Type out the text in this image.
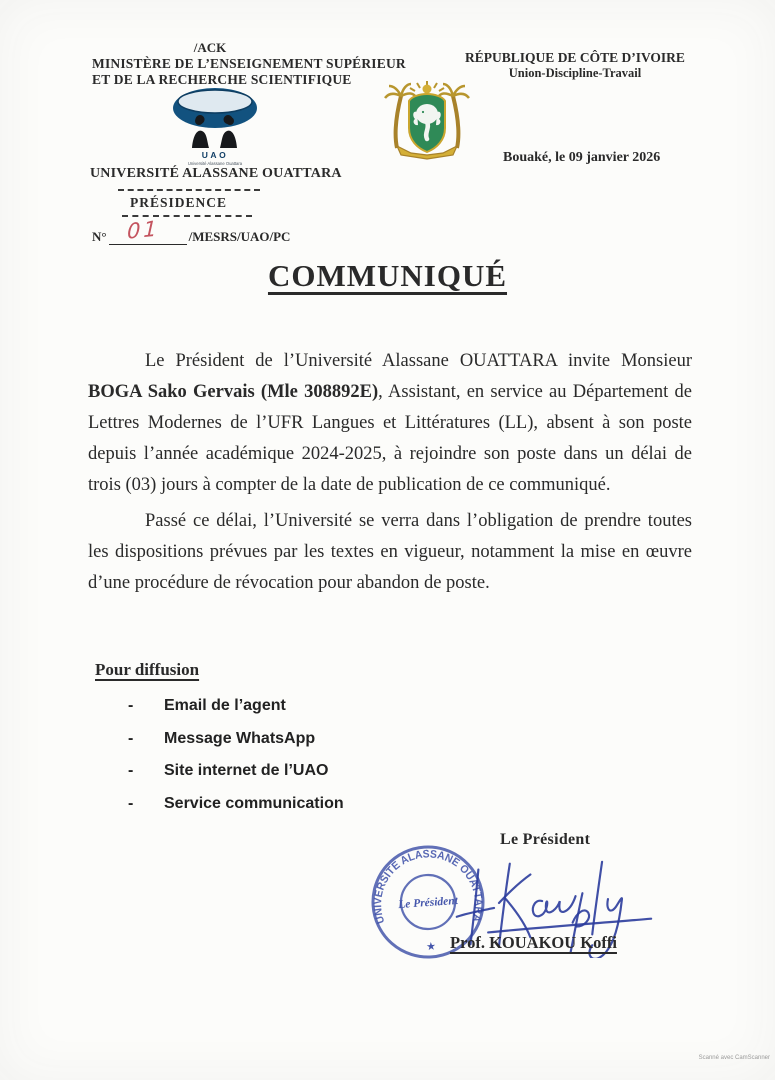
/ACK
MINISTÈRE DE L’ENSEIGNEMENT SUPÉRIEUR
ET DE LA RECHERCHE SCIENTIFIQUE
UAO
Université Alassane Ouattara
UNIVERSITÉ ALASSANE OUATTARA
PRÉSIDENCE
N° 01 /MESRS/UAO/PC
RÉPUBLIQUE DE CÔTE D’IVOIRE
Union-Discipline-Travail
Bouaké, le 09 janvier 2026
COMMUNIQUÉ

Le Président de l’Université Alassane OUATTARA invite Monsieur BOGA Sako Gervais (Mle 308892E), Assistant, en service au Département de Lettres Modernes de l’UFR Langues et Littératures (LL), absent à son poste depuis l’année académique 2024-2025, à rejoindre son poste dans un délai de trois (03) jours à compter de la date de publication de ce communiqué.

Passé ce délai, l’Université se verra dans l’obligation de prendre toutes les dispositions prévues par les textes en vigueur, notamment la mise en œuvre d’une procédure de révocation pour abandon de poste.

Pour diffusion
- Email de l’agent
- Message WhatsApp
- Site internet de l’UAO
- Service communication
Le Président
UNIVERSITE ALASSANE OUATTARA
★
Le Président
Prof. KOUAKOU Koffi
Scanné avec CamScanner
